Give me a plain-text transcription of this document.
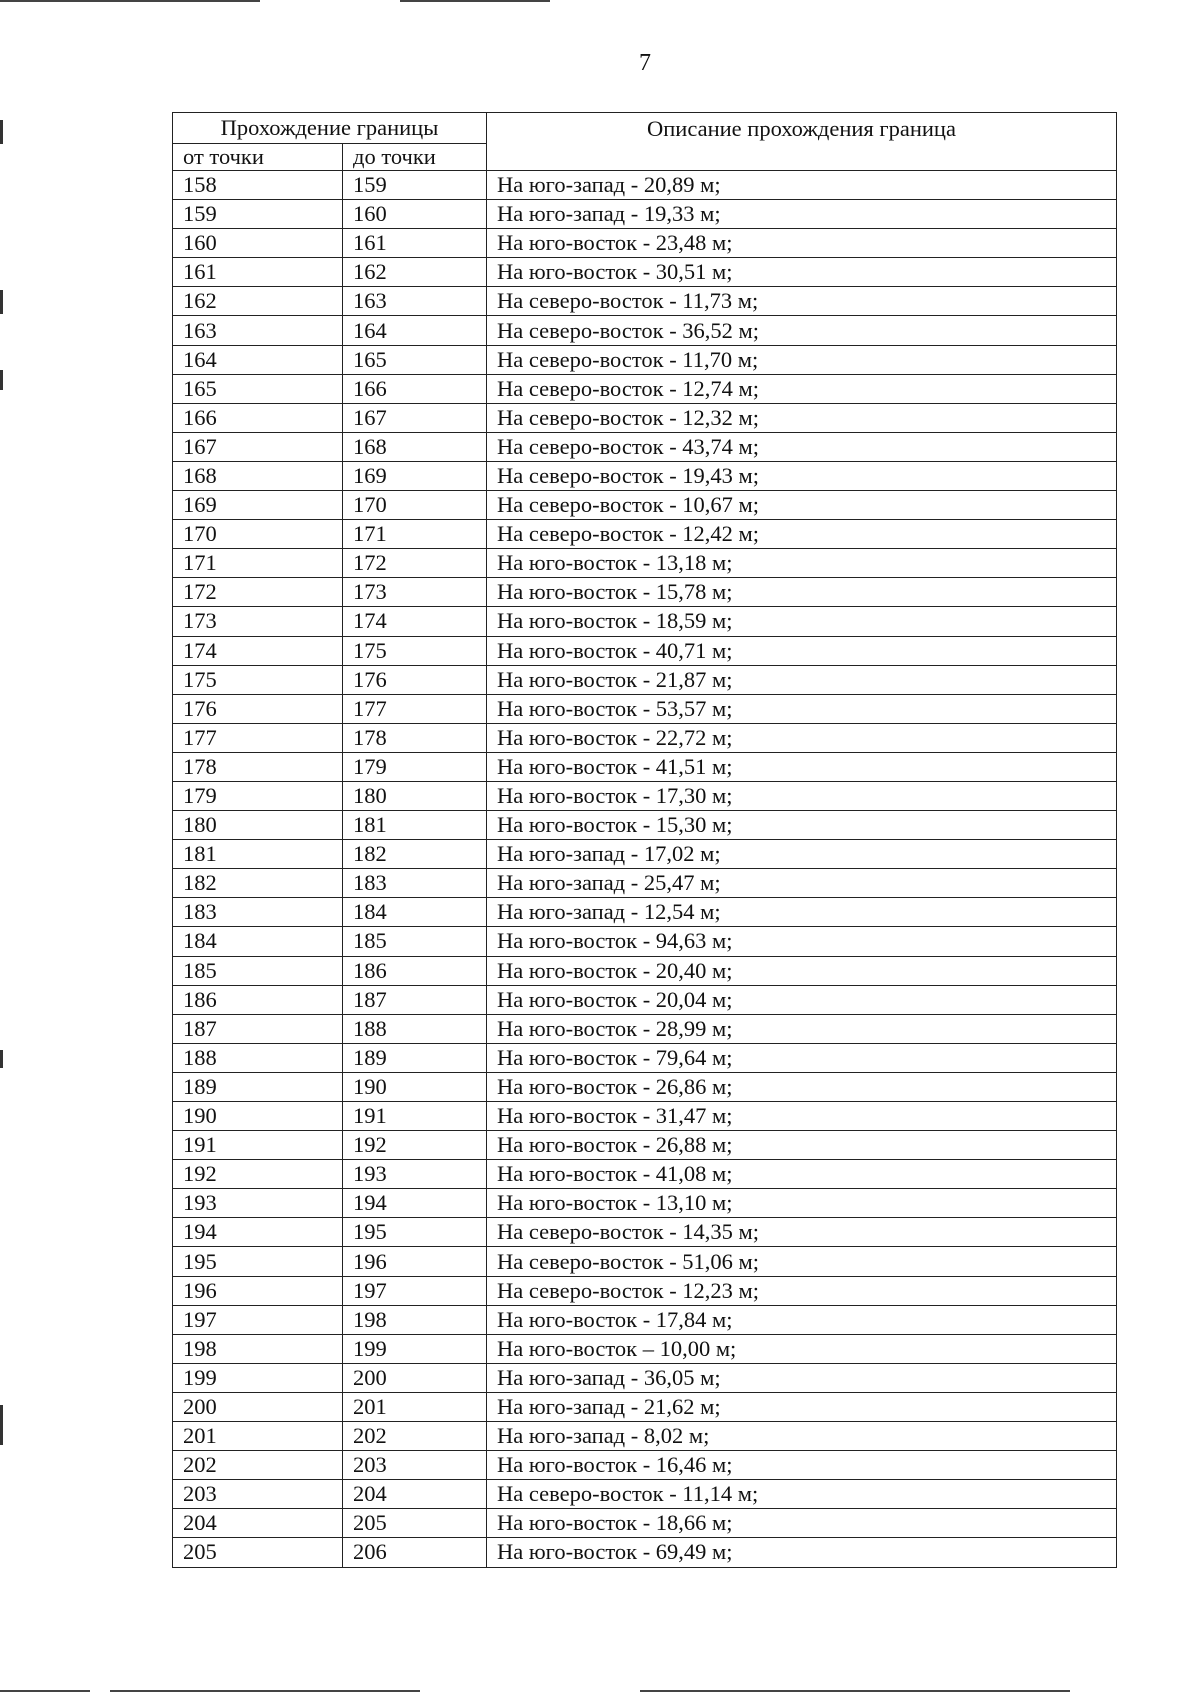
7
Прохождение границы		Описание прохождения граница
от точки	до точки	
158	159	На юго-запад - 20,89 м;
159	160	На юго-запад - 19,33 м;
160	161	На юго-восток - 23,48 м;
161	162	На юго-восток - 30,51 м;
162	163	На северо-восток - 11,73 м;
163	164	На северо-восток - 36,52 м;
164	165	На северо-восток - 11,70 м;
165	166	На северо-восток - 12,74 м;
166	167	На северо-восток - 12,32 м;
167	168	На северо-восток - 43,74 м;
168	169	На северо-восток - 19,43 м;
169	170	На северо-восток - 10,67 м;
170	171	На северо-восток - 12,42 м;
171	172	На юго-восток - 13,18 м;
172	173	На юго-восток - 15,78 м;
173	174	На юго-восток - 18,59 м;
174	175	На юго-восток - 40,71 м;
175	176	На юго-восток - 21,87 м;
176	177	На юго-восток - 53,57 м;
177	178	На юго-восток - 22,72 м;
178	179	На юго-восток - 41,51 м;
179	180	На юго-восток - 17,30 м;
180	181	На юго-восток - 15,30 м;
181	182	На юго-запад - 17,02 м;
182	183	На юго-запад - 25,47 м;
183	184	На юго-запад - 12,54 м;
184	185	На юго-восток - 94,63 м;
185	186	На юго-восток - 20,40 м;
186	187	На юго-восток - 20,04 м;
187	188	На юго-восток - 28,99 м;
188	189	На юго-восток - 79,64 м;
189	190	На юго-восток - 26,86 м;
190	191	На юго-восток - 31,47 м;
191	192	На юго-восток - 26,88 м;
192	193	На юго-восток - 41,08 м;
193	194	На юго-восток - 13,10 м;
194	195	На северо-восток - 14,35 м;
195	196	На северо-восток - 51,06 м;
196	197	На северо-восток - 12,23 м;
197	198	На юго-восток - 17,84 м;
198	199	На юго-восток – 10,00 м;
199	200	На юго-запад - 36,05 м;
200	201	На юго-запад - 21,62 м;
201	202	На юго-запад - 8,02 м;
202	203	На юго-восток - 16,46 м;
203	204	На северо-восток - 11,14 м;
204	205	На юго-восток - 18,66 м;
205	206	На юго-восток - 69,49 м;
